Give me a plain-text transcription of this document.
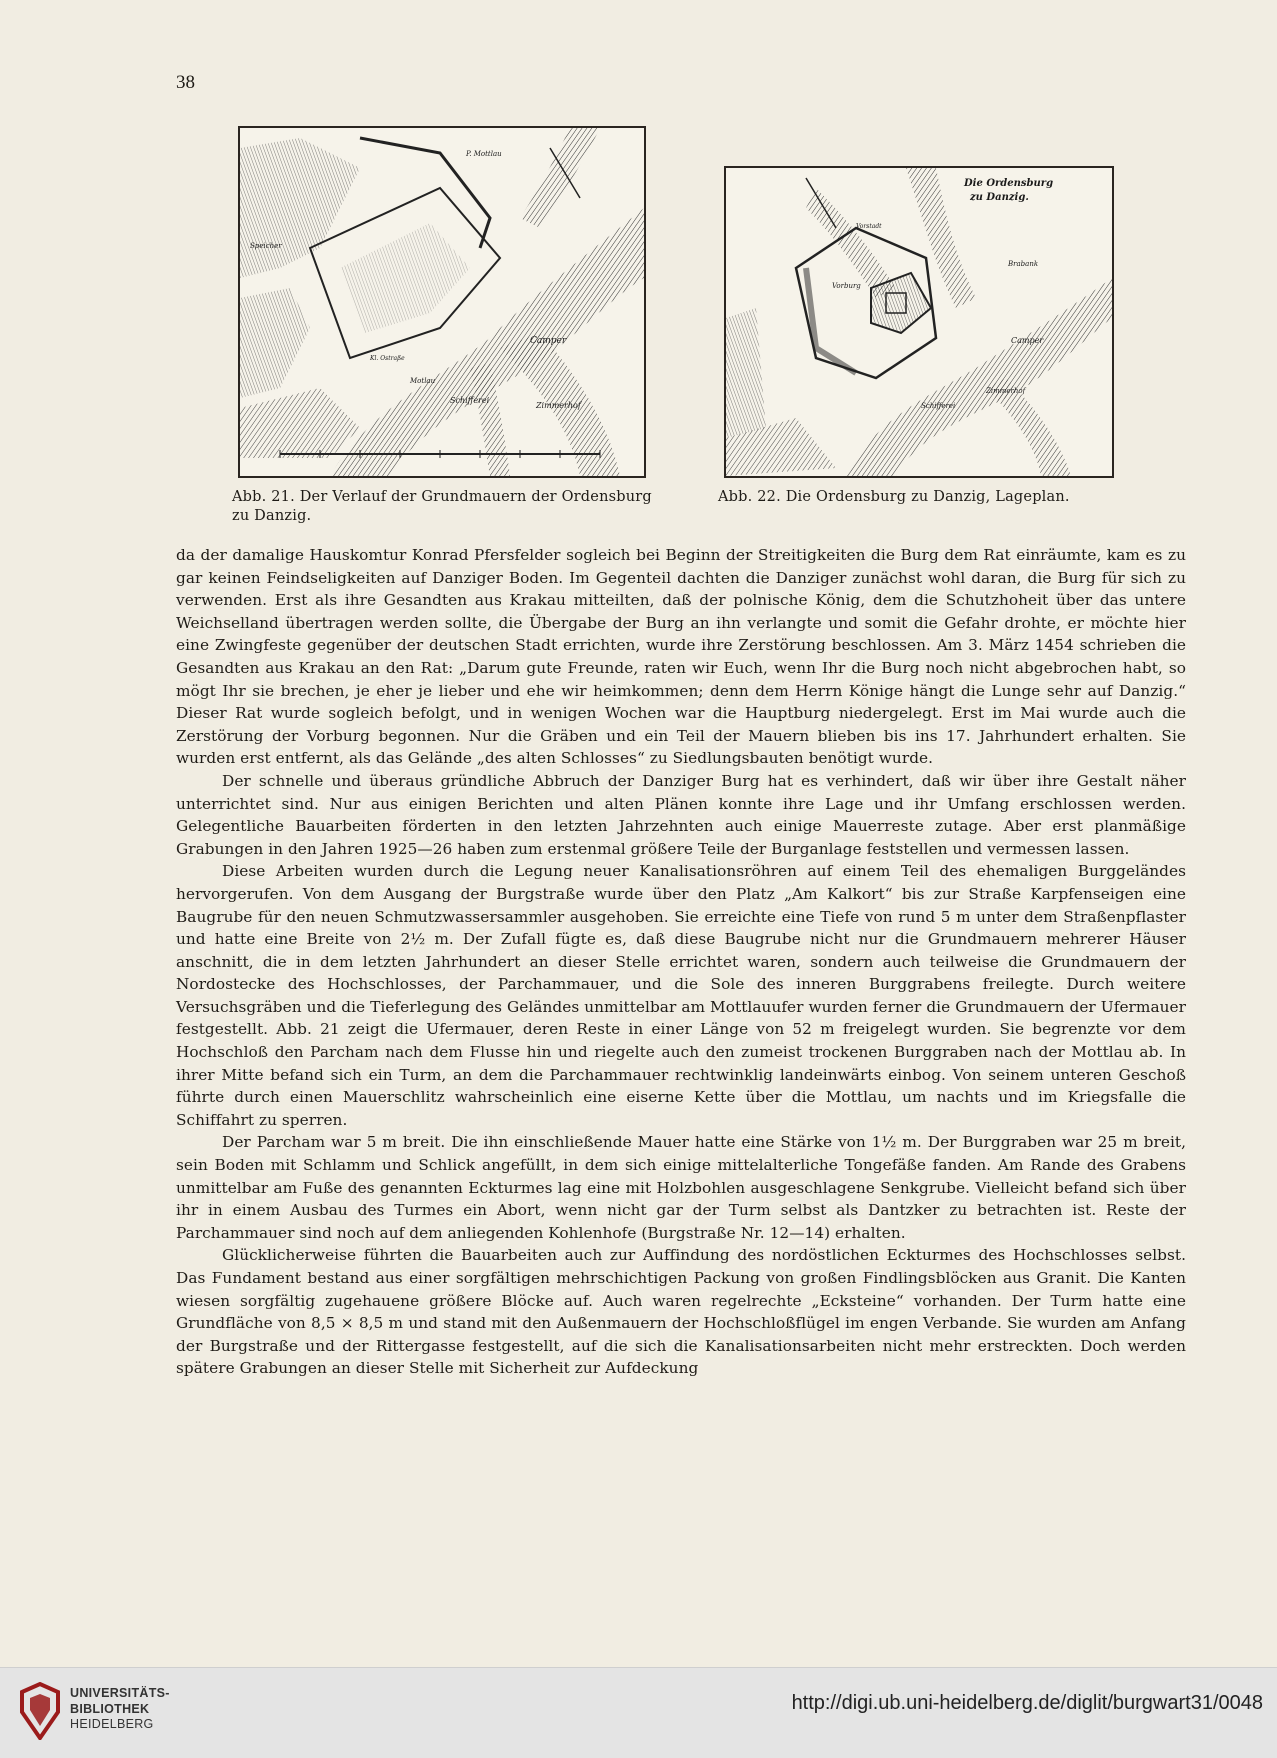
38
P. Mottlau
Speicher
Camper
Schifferei
Zimmerhof
Motlau
Kl. Ostraße
Die Ordensburg
zu Danzig.
Vorburg
Camper
Schifferei
Zimmerhof
Brabank
Vorstadt
Abb. 21. Der Verlauf der Grundmauern der Ordensburg zu Danzig.
Abb. 22. Die Ordensburg zu Danzig, Lageplan.

da der damalige Hauskomtur Konrad Pfersfelder sogleich bei Beginn der Streitigkeiten die Burg dem Rat einräumte, kam es zu gar keinen Feindseligkeiten auf Danziger Boden. Im Gegenteil dachten die Danziger zunächst wohl daran, die Burg für sich zu verwenden. Erst als ihre Gesandten aus Krakau mitteilten, daß der polnische König, dem die Schutzhoheit über das untere Weichselland übertragen werden sollte, die Übergabe der Burg an ihn verlangte und somit die Gefahr drohte, er möchte hier eine Zwingfeste gegenüber der deutschen Stadt errichten, wurde ihre Zerstörung beschlossen. Am 3. März 1454 schrieben die Gesandten aus Krakau an den Rat: „Darum gute Freunde, raten wir Euch, wenn Ihr die Burg noch nicht abgebrochen habt, so mögt Ihr sie brechen, je eher je lieber und ehe wir heimkommen; denn dem Herrn Könige hängt die Lunge sehr auf Danzig.“ Dieser Rat wurde sogleich befolgt, und in wenigen Wochen war die Hauptburg niedergelegt. Erst im Mai wurde auch die Zerstörung der Vorburg begonnen. Nur die Gräben und ein Teil der Mauern blieben bis ins 17. Jahrhundert erhalten. Sie wurden erst entfernt, als das Gelände „des alten Schlosses“ zu Siedlungsbauten benötigt wurde.

Der schnelle und überaus gründliche Abbruch der Danziger Burg hat es verhindert, daß wir über ihre Gestalt näher unterrichtet sind. Nur aus einigen Berichten und alten Plänen konnte ihre Lage und ihr Umfang erschlossen werden. Gelegentliche Bauarbeiten förderten in den letzten Jahrzehnten auch einige Mauerreste zutage. Aber erst planmäßige Grabungen in den Jahren 1925—26 haben zum erstenmal größere Teile der Burganlage feststellen und vermessen lassen.

Diese Arbeiten wurden durch die Legung neuer Kanalisationsröhren auf einem Teil des ehemaligen Burggeländes hervorgerufen. Von dem Ausgang der Burgstraße wurde über den Platz „Am Kalkort“ bis zur Straße Karpfenseigen eine Baugrube für den neuen Schmutzwassersammler ausgehoben. Sie erreichte eine Tiefe von rund 5 m unter dem Straßenpflaster und hatte eine Breite von 2½ m. Der Zufall fügte es, daß diese Baugrube nicht nur die Grundmauern mehrerer Häuser anschnitt, die in dem letzten Jahrhundert an dieser Stelle errichtet waren, sondern auch teilweise die Grundmauern der Nordostecke des Hochschlosses, der Parchammauer, und die Sole des inneren Burggrabens freilegte. Durch weitere Versuchsgräben und die Tieferlegung des Geländes unmittelbar am Mottlauufer wurden ferner die Grundmauern der Ufermauer festgestellt. Abb. 21 zeigt die Ufermauer, deren Reste in einer Länge von 52 m freigelegt wurden. Sie begrenzte vor dem Hochschloß den Parcham nach dem Flusse hin und riegelte auch den zumeist trockenen Burggraben nach der Mottlau ab. In ihrer Mitte befand sich ein Turm, an dem die Parchammauer rechtwinklig landeinwärts einbog. Von seinem unteren Geschoß führte durch einen Mauerschlitz wahrscheinlich eine eiserne Kette über die Mottlau, um nachts und im Kriegsfalle die Schiffahrt zu sperren.

Der Parcham war 5 m breit. Die ihn einschließende Mauer hatte eine Stärke von 1½ m. Der Burggraben war 25 m breit, sein Boden mit Schlamm und Schlick angefüllt, in dem sich einige mittelalterliche Tongefäße fanden. Am Rande des Grabens unmittelbar am Fuße des genannten Eckturmes lag eine mit Holzbohlen ausgeschlagene Senkgrube. Vielleicht befand sich über ihr in einem Ausbau des Turmes ein Abort, wenn nicht gar der Turm selbst als Dantzker zu betrachten ist. Reste der Parchammauer sind noch auf dem anliegenden Kohlenhofe (Burgstraße Nr. 12—14) erhalten.

Glücklicherweise führten die Bauarbeiten auch zur Auffindung des nordöstlichen Eckturmes des Hochschlosses selbst. Das Fundament bestand aus einer sorgfältigen mehrschichtigen Packung von großen Findlingsblöcken aus Granit. Die Kanten wiesen sorgfältig zugehauene größere Blöcke auf. Auch waren regelrechte „Ecksteine“ vorhanden. Der Turm hatte eine Grundfläche von 8,5 × 8,5 m und stand mit den Außenmauern der Hochschloßflügel im engen Verbande. Sie wurden am Anfang der Burgstraße und der Rittergasse festgestellt, auf die sich die Kanalisationsarbeiten nicht mehr erstreckten. Doch werden spätere Grabungen an dieser Stelle mit Sicherheit zur Aufdeckung

UNIVERSITÄTS-
BIBLIOTHEK
HEIDELBERG
http://digi.ub.uni-heidelberg.de/diglit/burgwart31/0048
